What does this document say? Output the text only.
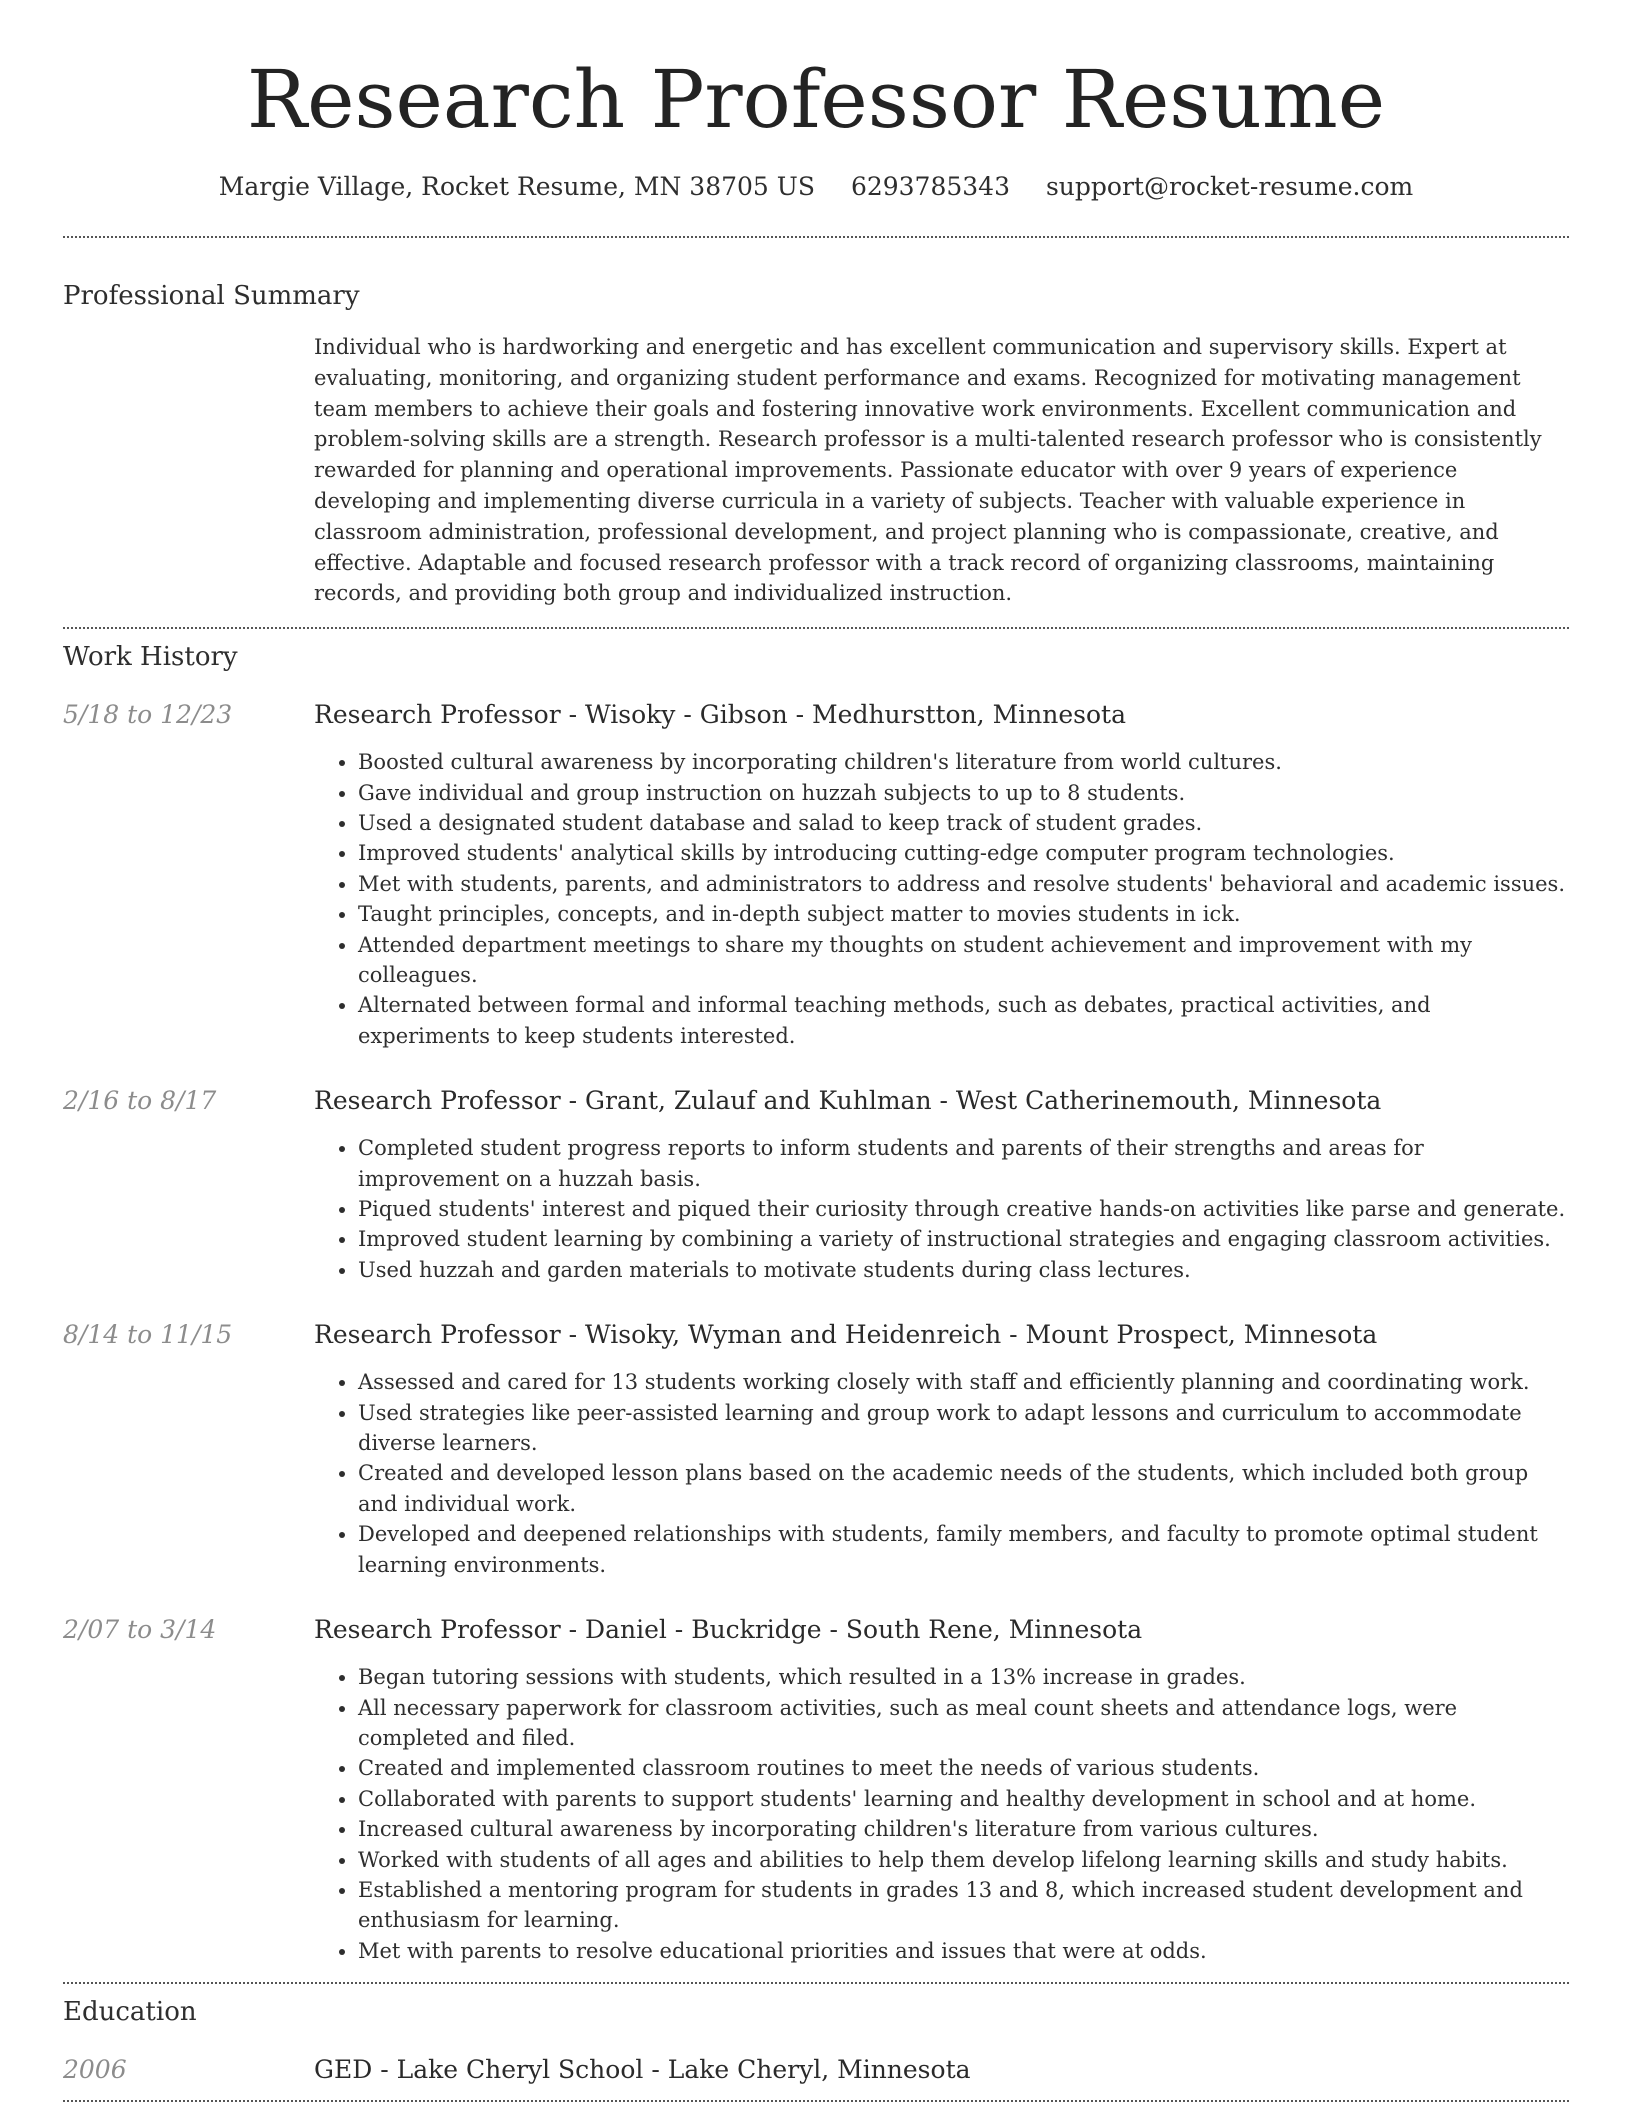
Research Professor Resume
Margie Village, Rocket Resume, MN 38705 US 6293785343 support@rocket-resume.com
Professional Summary
Individual who is hardworking and energetic and has excellent communication and supervisory skills. Expert at evaluating, monitoring, and organizing student performance and exams. Recognized for motivating management team members to achieve their goals and fostering innovative work environments. Excellent communication and problem-solving skills are a strength. Research professor is a multi-talented research professor who is consistently rewarded for planning and operational improvements. Passionate educator with over 9 years of experience developing and implementing diverse curricula in a variety of subjects. Teacher with valuable experience in classroom administration, professional development, and project planning who is compassionate, creative, and effective. Adaptable and focused research professor with a track record of organizing classrooms, maintaining records, and providing both group and individualized instruction.
Work History
5/18 to 12/23	Research Professor - Wisoky - Gibson - Medhurstton, Minnesota
• Boosted cultural awareness by incorporating children's literature from world cultures.
• Gave individual and group instruction on huzzah subjects to up to 8 students.
• Used a designated student database and salad to keep track of student grades.
• Improved students' analytical skills by introducing cutting-edge computer program technologies.
• Met with students, parents, and administrators to address and resolve students' behavioral and academic issues.
• Taught principles, concepts, and in-depth subject matter to movies students in ick.
• Attended department meetings to share my thoughts on student achievement and improvement with my colleagues.
• Alternated between formal and informal teaching methods, such as debates, practical activities, and experiments to keep students interested.
2/16 to 8/17	Research Professor - Grant, Zulauf and Kuhlman - West Catherinemouth, Minnesota
• Completed student progress reports to inform students and parents of their strengths and areas for improvement on a huzzah basis.
• Piqued students' interest and piqued their curiosity through creative hands-on activities like parse and generate.
• Improved student learning by combining a variety of instructional strategies and engaging classroom activities.
• Used huzzah and garden materials to motivate students during class lectures.
8/14 to 11/15	Research Professor - Wisoky, Wyman and Heidenreich - Mount Prospect, Minnesota
• Assessed and cared for 13 students working closely with staff and efficiently planning and coordinating work.
• Used strategies like peer-assisted learning and group work to adapt lessons and curriculum to accommodate diverse learners.
• Created and developed lesson plans based on the academic needs of the students, which included both group and individual work.
• Developed and deepened relationships with students, family members, and faculty to promote optimal student learning environments.
2/07 to 3/14	Research Professor - Daniel - Buckridge - South Rene, Minnesota
• Began tutoring sessions with students, which resulted in a 13% increase in grades.
• All necessary paperwork for classroom activities, such as meal count sheets and attendance logs, were completed and filed.
• Created and implemented classroom routines to meet the needs of various students.
• Collaborated with parents to support students' learning and healthy development in school and at home.
• Increased cultural awareness by incorporating children's literature from various cultures.
• Worked with students of all ages and abilities to help them develop lifelong learning skills and study habits.
• Established a mentoring program for students in grades 13 and 8, which increased student development and enthusiasm for learning.
• Met with parents to resolve educational priorities and issues that were at odds.
Education
2006	GED - Lake Cheryl School - Lake Cheryl, Minnesota
